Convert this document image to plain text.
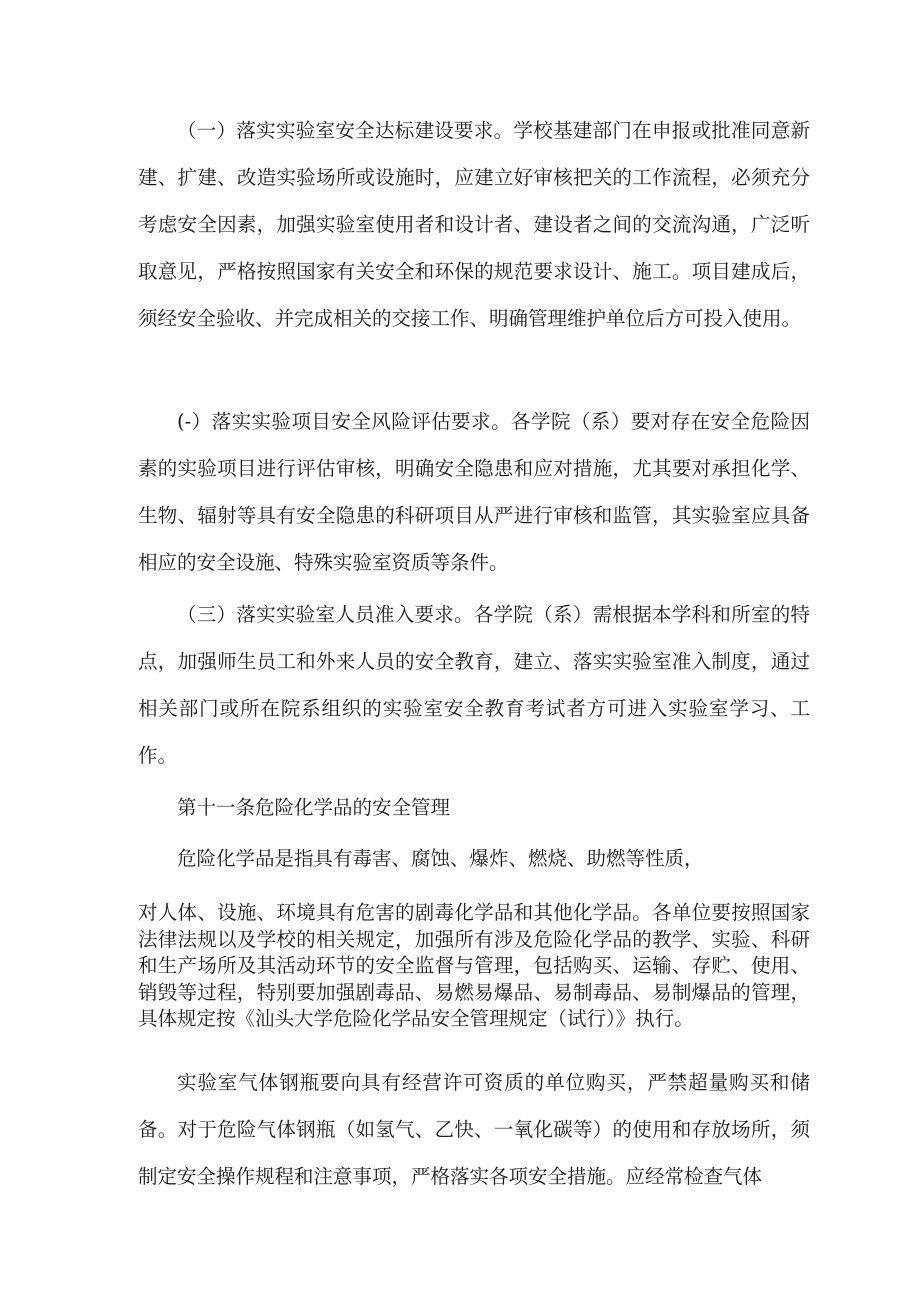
（一）落实实验室安全达标建设要求。学校基建部门在申报或批准同意新建、扩建、改造实验场所或设施时，应建立好审核把关的工作流程，必须充分考虑安全因素，加强实验室使用者和设计者、建设者之间的交流沟通，广泛听取意见，严格按照国家有关安全和环保的规范要求设计、施工。项目建成后，须经安全验收、并完成相关的交接工作、明确管理维护单位后方可投入使用。

(-）落实实验项目安全风险评估要求。各学院（系）要对存在安全危险因素的实验项目进行评估审核，明确安全隐患和应对措施，尤其要对承担化学、生物、辐射等具有安全隐患的科研项目从严进行审核和监管，其实验室应具备相应的安全设施、特殊实验室资质等条件。

（三）落实实验室人员准入要求。各学院（系）需根据本学科和所室的特点，加强师生员工和外来人员的安全教育，建立、落实实验室准入制度，通过相关部门或所在院系组织的实验室安全教育考试者方可进入实验室学习、工作。

第十一条危险化学品的安全管理

危险化学品是指具有毒害、腐蚀、爆炸、燃烧、助燃等性质，

对人体、设施、环境具有危害的剧毒化学品和其他化学品。各单位要按照国家法律法规以及学校的相关规定，加强所有涉及危险化学品的教学、实验、科研和生产场所及其活动环节的安全监督与管理，包括购买、运输、存贮、使用、销毁等过程，特别要加强剧毒品、易燃易爆品、易制毒品、易制爆品的管理，具体规定按《汕头大学危险化学品安全管理规定（试行）》执行。

实验室气体钢瓶要向具有经营许可资质的单位购买，严禁超量购买和储备。对于危险气体钢瓶（如氢气、乙快、一氧化碳等）的使用和存放场所，须制定安全操作规程和注意事项，严格落实各项安全措施。应经常检查气体
